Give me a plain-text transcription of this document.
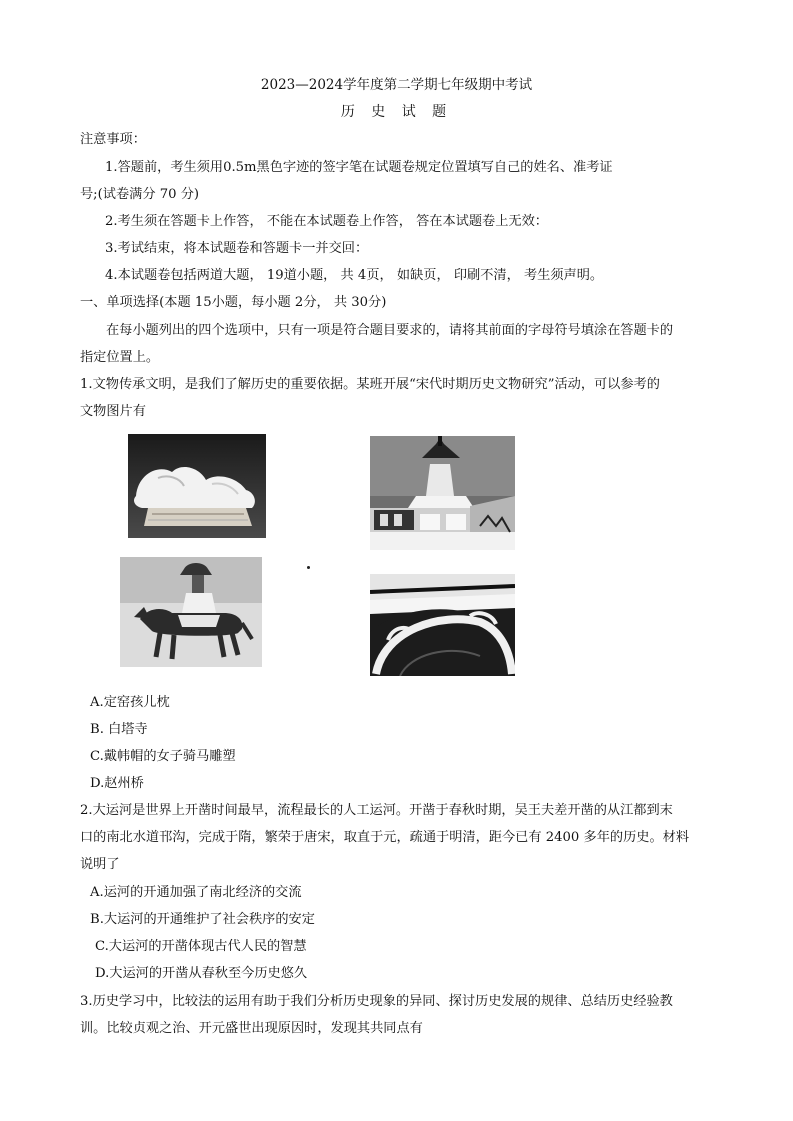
2023—2024学年度第二学期七年级期中考试
历 史 试 题
注意事项：
1.答题前，考生须用0.5m黑色字迹的签字笔在试题卷规定位置填写自己的姓名、准考证
号;(试卷满分 70 分)
2.考生须在答题卡上作答， 不能在本试题卷上作答， 答在本试题卷上无效：
3.考试结束，将本试题卷和答题卡一并交回：
4.本试题卷包括两道大题， 19道小题， 共 4页， 如缺页， 印刷不清， 考生须声明。
一、单项选择(本题 15小题，每小题 2分， 共 30分)
在每小题列出的四个选项中，只有一项是符合题目要求的，请将其前面的字母符号填涂在答题卡的
指定位置上。
1.文物传承文明，是我们了解历史的重要依据。某班开展“宋代时期历史文物研究”活动，可以参考的
文物图片有
A.定窑孩儿枕
B. 白塔寺
C.戴帏帽的女子骑马雕塑
D.赵州桥
2.大运河是世界上开凿时间最早，流程最长的人工运河。开凿于春秋时期，吴王夫差开凿的从江都到末
口的南北水道邗沟，完成于隋，繁荣于唐宋，取直于元，疏通于明清，距今已有 2400 多年的历史。材料
说明了
A.运河的开通加强了南北经济的交流
B.大运河的开通维护了社会秩序的安定
C.大运河的开凿体现古代人民的智慧
D.大运河的开凿从春秋至今历史悠久
3.历史学习中，比较法的运用有助于我们分析历史现象的异同、探讨历史发展的规律、总结历史经验教
训。比较贞观之治、开元盛世出现原因时，发现其共同点有
